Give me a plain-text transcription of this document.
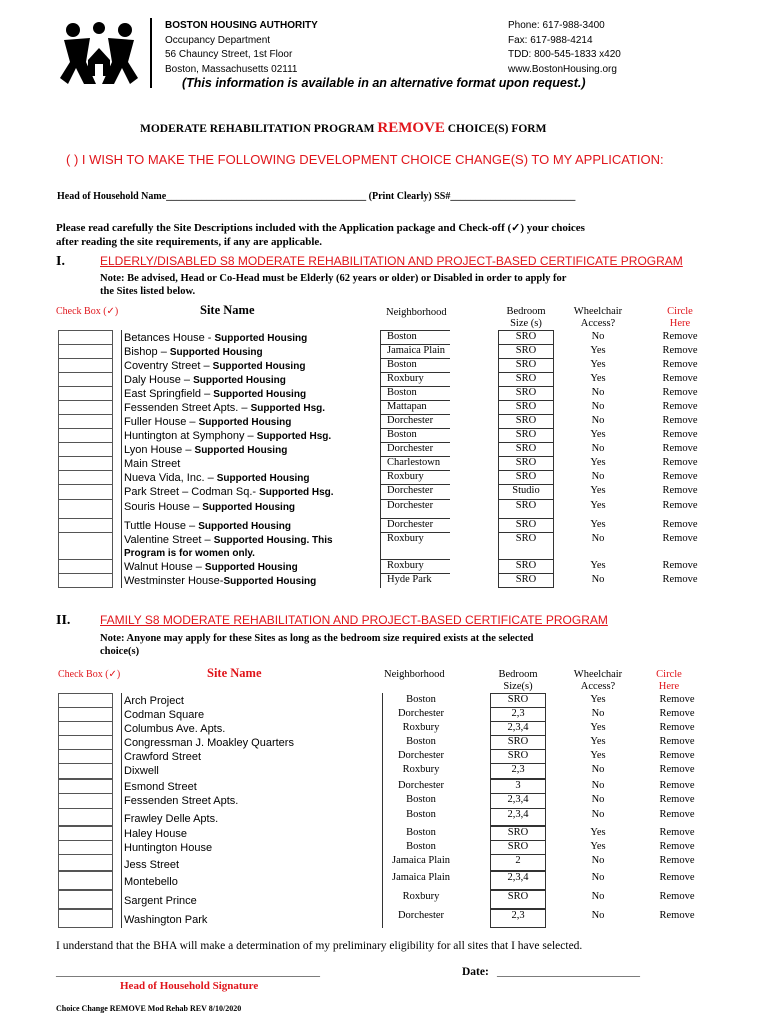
BOSTON HOUSING AUTHORITY
Occupancy Department
56 Chauncy Street, 1st Floor
Boston, Massachusetts 02111
Phone: 617-988-3400
Fax: 617-988-4214
TDD: 800-545-1833 x420
www.BostonHousing.org
(This information is available in an alternative format upon request.)
MODERATE REHABILITATION PROGRAM REMOVE CHOICE(S) FORM
( ) I WISH TO MAKE THE FOLLOWING DEVELOPMENT CHOICE CHANGE(S) TO MY APPLICATION:
Head of Household Name________________________________________ (Print Clearly) SS#_________________________
Please read carefully the Site Descriptions included with the Application package and Check-off (✓) your choices
after reading the site requirements, if any are applicable.
I.	ELDERLY/DISABLED S8 MODERATE REHABILITATION AND PROJECT-BASED CERTIFICATE PROGRAM
Note: Be advised, Head or Co-Head must be Elderly (62 years or older) or Disabled in order to apply for
the Sites listed below.
Check Box (✓)	Site Name	Neighborhood	Bedroom
Size (s)
Wheelchair
Access?
Circle
Here
Betances House - Supported Housing	Boston	SRO	No	Remove
Bishop – Supported Housing	Jamaica Plain	SRO	Yes	Remove
Coventry Street – Supported Housing	Boston	SRO	Yes	Remove
Daly House – Supported Housing	Roxbury	SRO	Yes	Remove
East Springfield – Supported Housing	Boston	SRO	No	Remove
Fessenden Street Apts. – Supported Hsg.	Mattapan	SRO	No	Remove
Fuller House – Supported Housing	Dorchester	SRO	No	Remove
Huntington at Symphony – Supported Hsg.	Boston	SRO	Yes	Remove
Lyon House – Supported Housing	Dorchester	SRO	No	Remove
Main Street	Charlestown	SRO	Yes	Remove
Nueva Vida, Inc. – Supported Housing	Roxbury	SRO	No	Remove
Park Street – Codman Sq.- Supported Hsg.	Dorchester	Studio	Yes	Remove
Souris House – Supported Housing	Dorchester	SRO	Yes	Remove
Tuttle House – Supported Housing	Dorchester	SRO	Yes	Remove
Valentine Street – Supported Housing. This
Program is for women only.
Roxbury	SRO	No	Remove
Walnut House – Supported Housing	Roxbury	SRO	Yes	Remove
Westminster House-Supported Housing	Hyde Park	SRO	No	Remove
II. FAMILY S8 MODERATE REHABILITATION AND PROJECT-BASED CERTIFICATE PROGRAM
Note: Anyone may apply for these Sites as long as the bedroom size required exists at the selected
choice(s)
Check Box (✓)	Site Name	Neighborhood	Bedroom
Size(s)
Wheelchair
Access?
Circle
Here
Arch Project	Boston	SRO	Yes	Remove
Codman Square	Dorchester	2,3	No	Remove
Columbus Ave. Apts.	Roxbury	2,3,4	Yes	Remove
Congressman J. Moakley Quarters	Boston	SRO	Yes	Remove
Crawford Street	Dorchester	SRO	Yes	Remove
Dixwell	Roxbury	2,3	No	Remove
Esmond Street	Dorchester	3	No	Remove
Fessenden Street Apts.	Boston	2,3,4	No	Remove
Frawley Delle Apts.	Boston	2,3,4	No	Remove
Haley House	Boston	SRO	Yes	Remove
Huntington House	Boston	SRO	Yes	Remove
Jess Street	Jamaica Plain	2	No	Remove
Montebello	Jamaica Plain	2,3,4	No	Remove
Sargent Prince	Roxbury	SRO	No	Remove
Washington Park	Dorchester	2,3	No	Remove
I understand that the BHA will make a determination of my preliminary eligibility for all sites that I have selected.
________________________________________________
Head of Household Signature
Date: __________________________
Choice Change REMOVE Mod Rehab REV 8/10/2020
